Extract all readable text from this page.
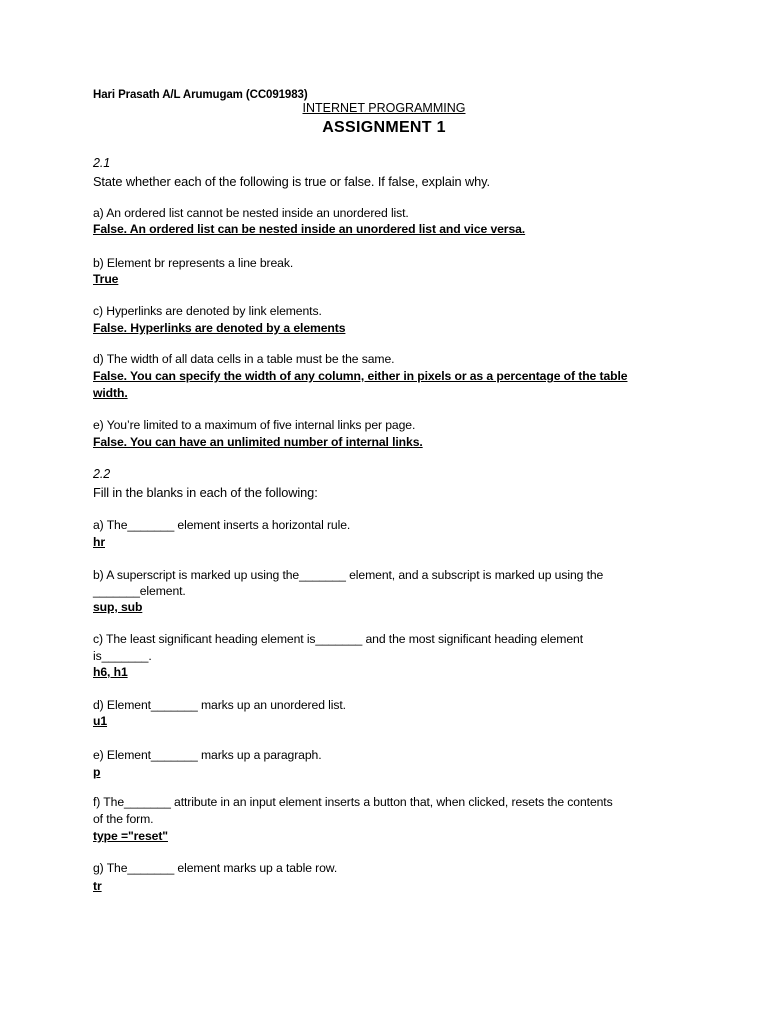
Hari Prasath A/L Arumugam (CC091983)
INTERNET PROGRAMMING
ASSIGNMENT 1
2.1
State whether each of the following is true or false. If false, explain why.
a) An ordered list cannot be nested inside an unordered list.
False. An ordered list can be nested inside an unordered list and vice versa.
b) Element br represents a line break.
True
c) Hyperlinks are denoted by link elements.
False. Hyperlinks are denoted by a elements
d) The width of all data cells in a table must be the same.
False. You can specify the width of any column, either in pixels or as a percentage of the table
width.
e) You’re limited to a maximum of five internal links per page.
False. You can have an unlimited number of internal links.
2.2
Fill in the blanks in each of the following:
a) The_______ element inserts a horizontal rule.
hr
b) A superscript is marked up using the_______ element, and a subscript is marked up using the
_______element.
sup, sub
c) The least significant heading element is_______ and the most significant heading element
is_______.
h6, h1
d) Element_______ marks up an unordered list.
u1
e) Element_______ marks up a paragraph.
p
f) The_______ attribute in an input element inserts a button that, when clicked, resets the contents
of the form.
type ="reset"
g) The_______ element marks up a table row.
tr
